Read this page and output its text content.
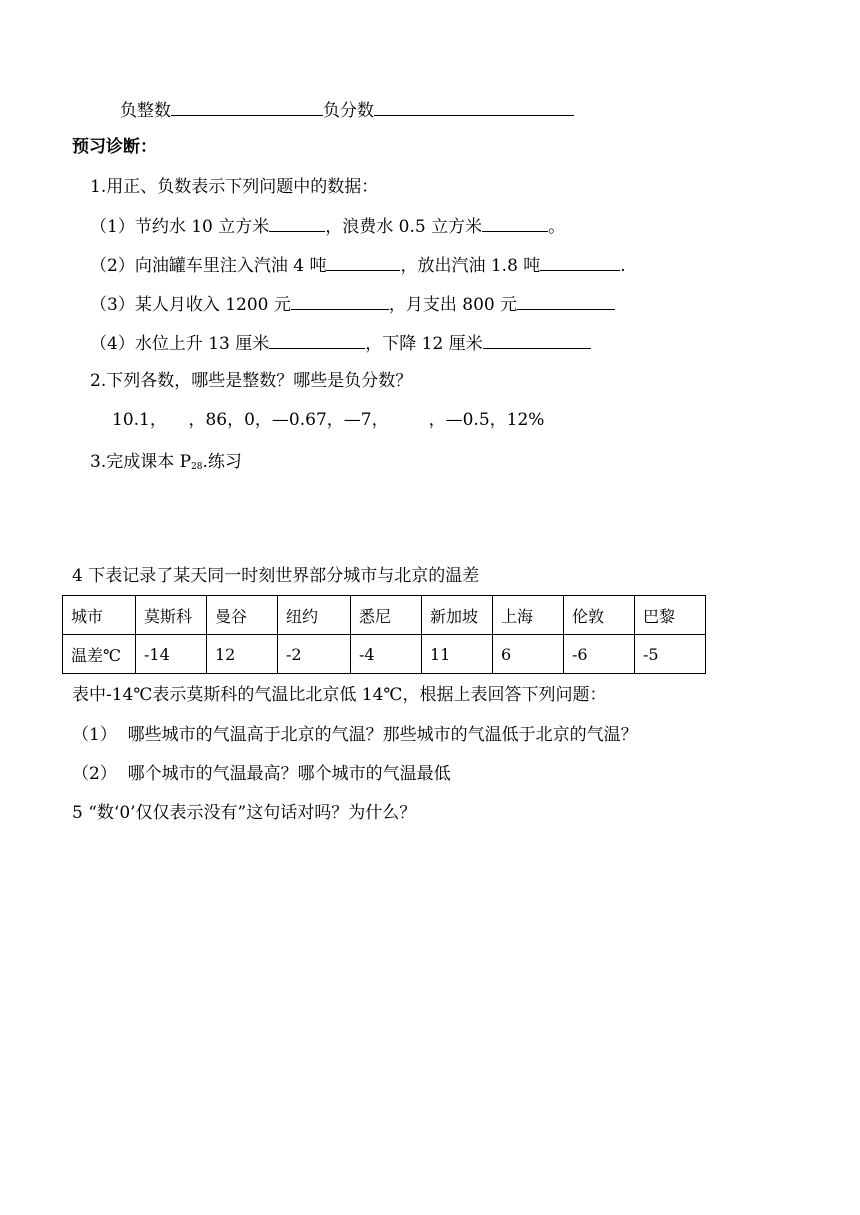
负整数	负分数
预习诊断：
1.用正、负数表示下列问题中的数据：
（1）节约水 10 立方米	，浪费水 0.5 立方米	。
（2）向油罐车里注入汽油 4 吨	，放出汽油 1.8 吨	.
（3）某人月收入 1200 元	，月支出 800 元
（4）水位上升 13 厘米	，下降 12 厘米
2.下列各数，哪些是整数？哪些是负分数？
10.1，    ，86，0，—0.67，—7， ，—0.5，12%
3.完成课本 $P_{28}$.练习
4 下表记录了某天同一时刻世界部分城市与北京的温差
城市	莫斯科	曼谷	纽约	悉尼	新加坡	上海	伦敦	巴黎
温差℃	-14	12	-2	-4	11	6	-6	-5
表中-14℃表示莫斯科的气温比北京低 14℃，根据上表回答下列问题：
（1）  哪些城市的气温高于北京的气温？那些城市的气温低于北京的气温？
（2）  哪个城市的气温最高？哪个城市的气温最低
5 “数‘0’仅仅表示没有”这句话对吗？为什么？
